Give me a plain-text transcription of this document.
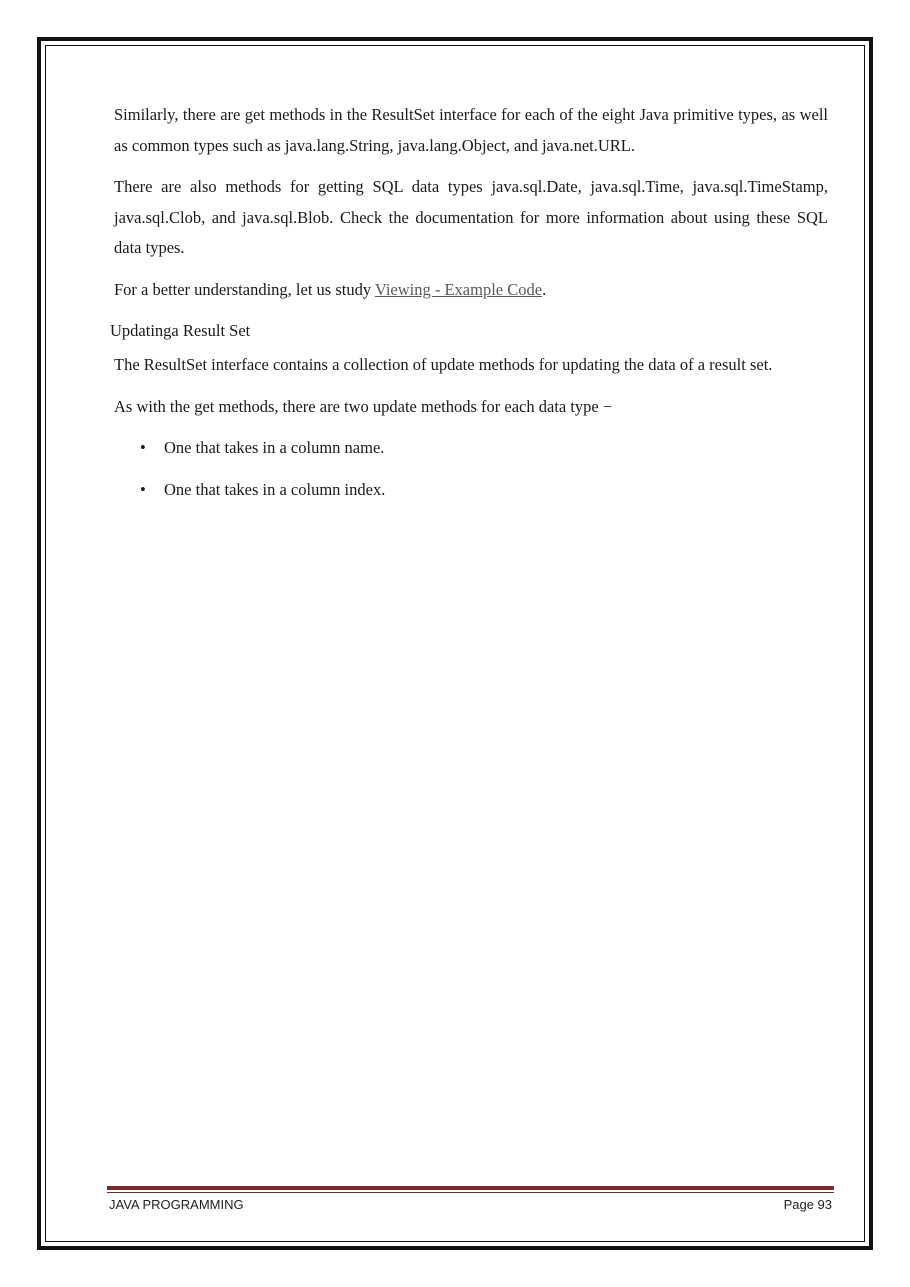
Similarly, there are get methods in the ResultSet interface for each of the eight Java primitive types, as well as common types such as java.lang.String, java.lang.Object, and java.net.URL.

There are also methods for getting SQL data types java.sql.Date, java.sql.Time, java.sql.TimeStamp, java.sql.Clob, and java.sql.Blob. Check the documentation for more information about using these SQL data types.

For a better understanding, let us study Viewing - Example Code.

Updatinga Result Set

The ResultSet interface contains a collection of update methods for updating the data of a result set.

As with the get methods, there are two update methods for each data type −

• One that takes in a column name.
• One that takes in a column index.
JAVA PROGRAMMING	Page 93
